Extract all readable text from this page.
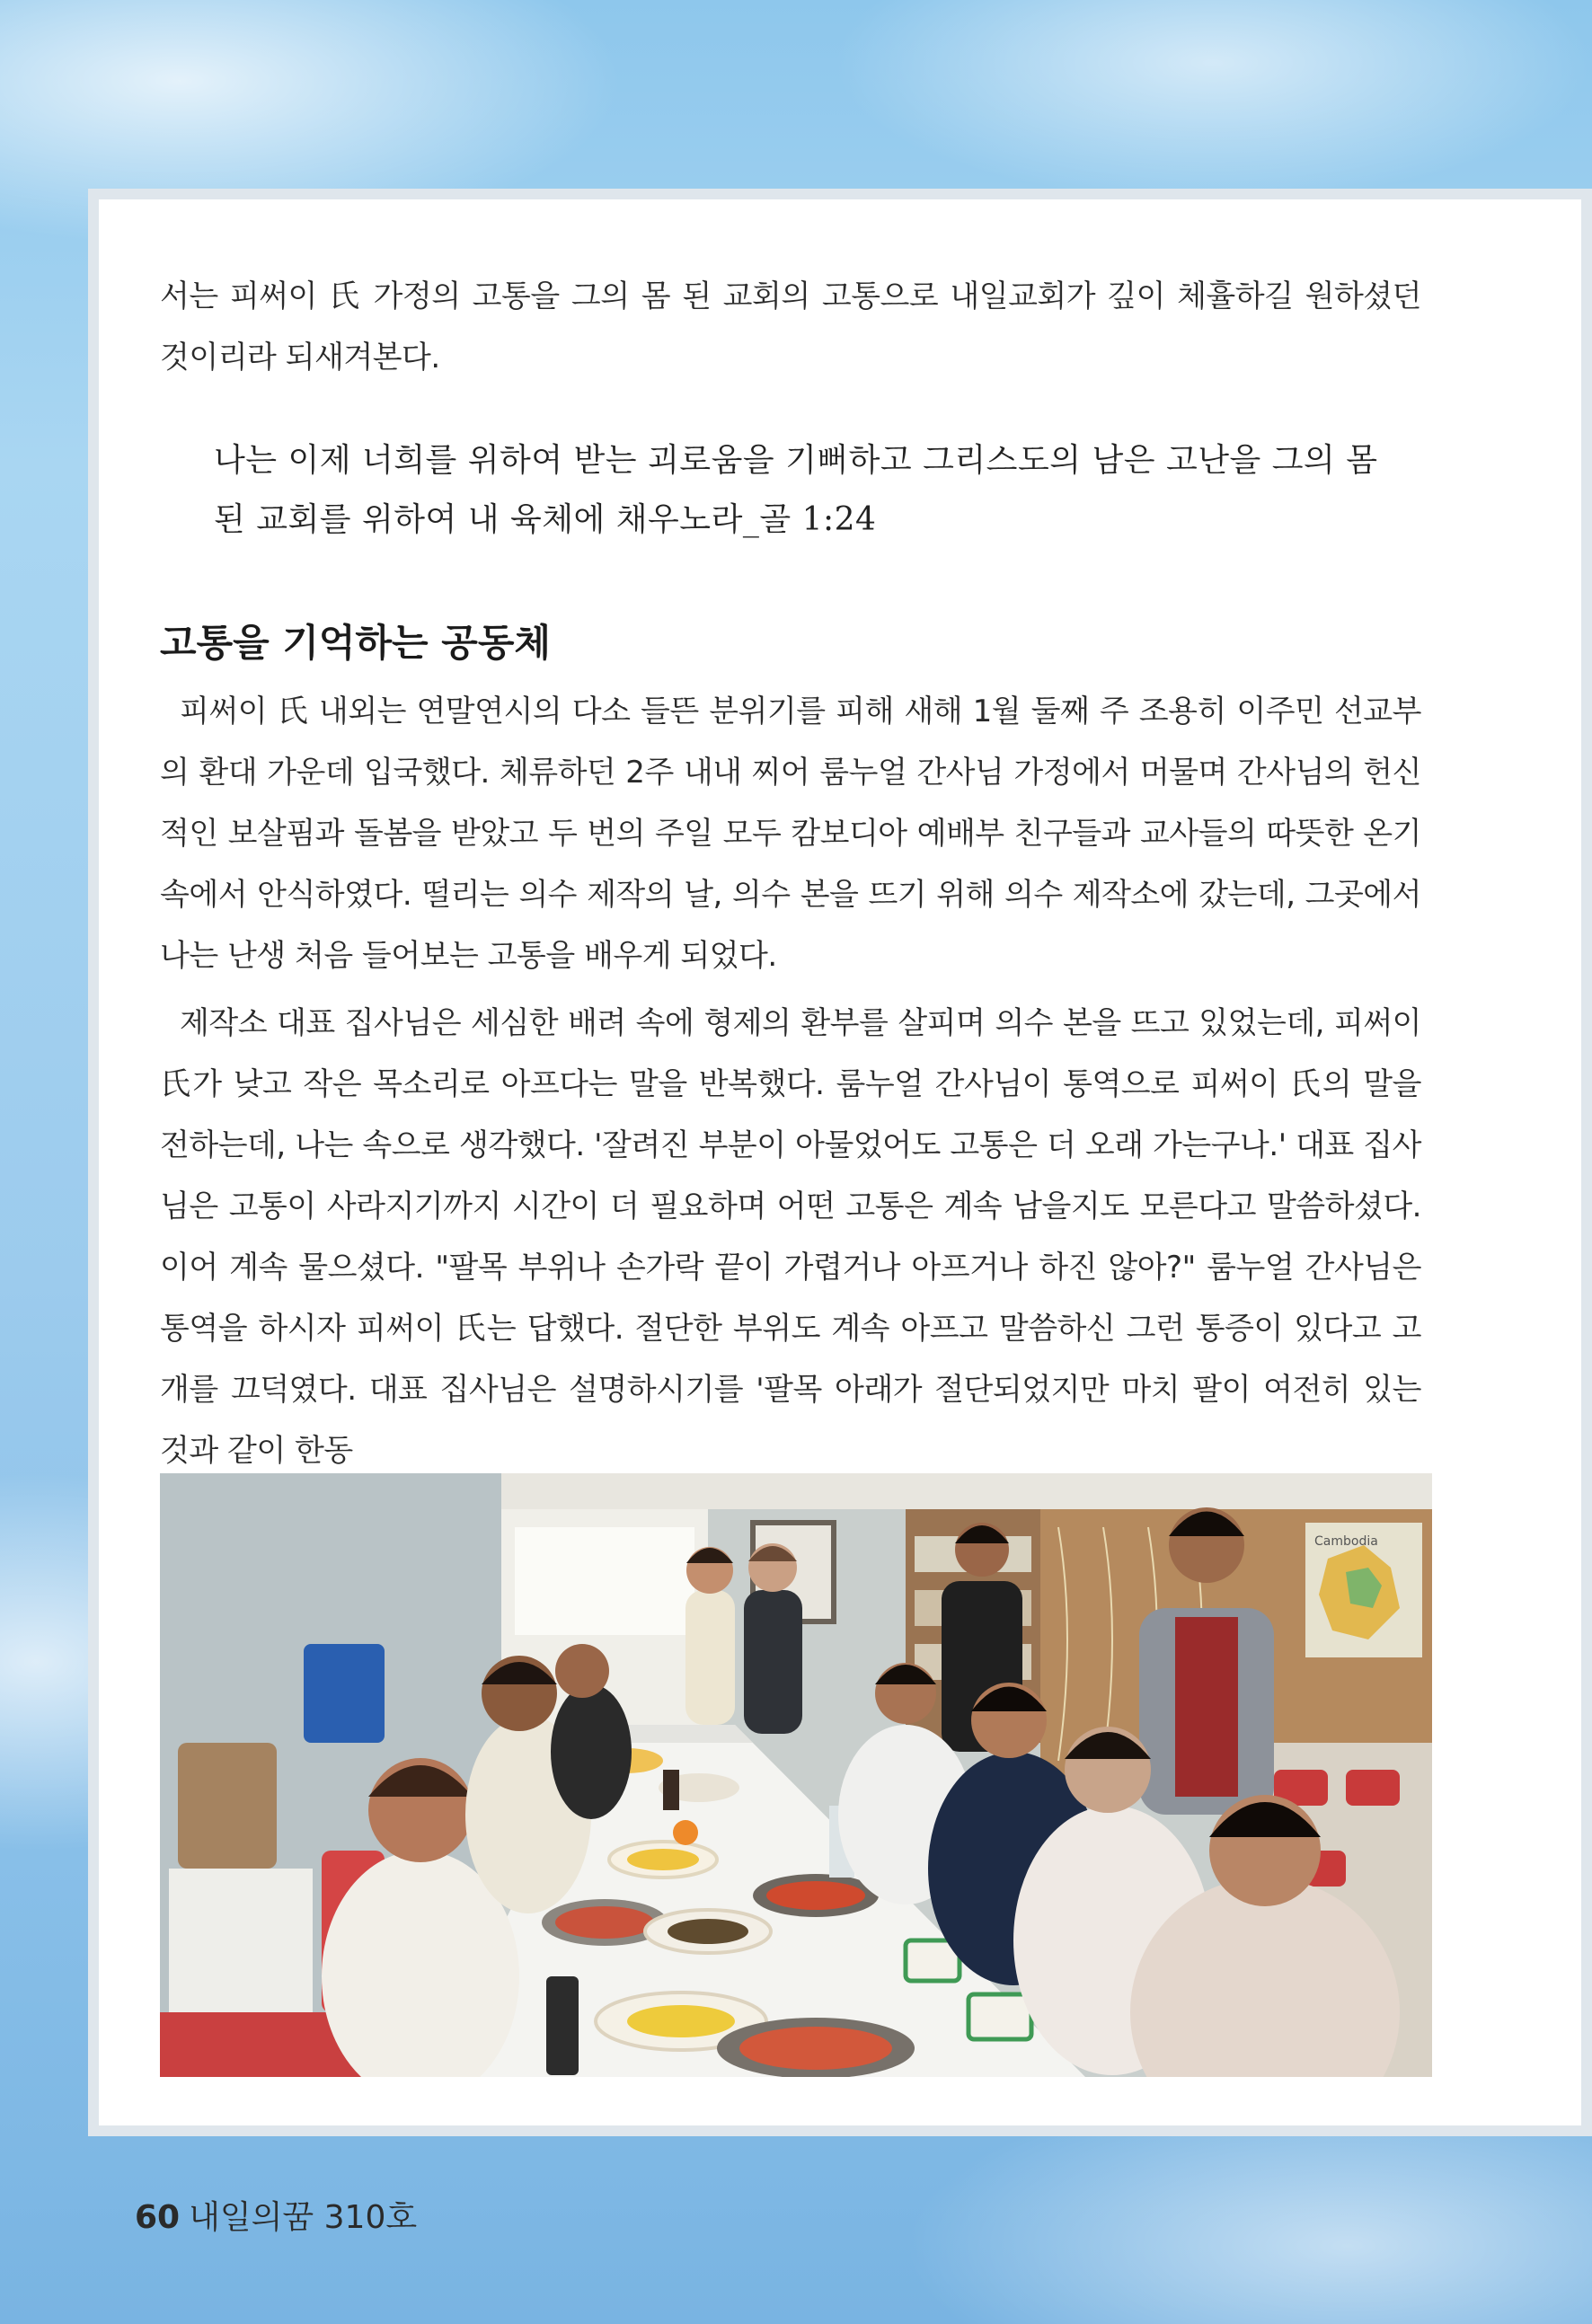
서는 피써이 氏 가정의 고통을 그의 몸 된 교회의 고통으로 내일교회가 깊이 체휼하길 원하셨던 것이리라 되새겨본다.

나는 이제 너희를 위하여 받는 괴로움을 기뻐하고 그리스도의 남은 고난을 그의 몸된 교회를 위하여 내 육체에 채우노라_골 1:24

고통을 기억하는 공동체

피써이 氏 내외는 연말연시의 다소 들뜬 분위기를 피해 새해 1월 둘째 주 조용히 이주민 선교부의 환대 가운데 입국했다. 체류하던 2주 내내 찌어 룸누얼 간사님 가정에서 머물며 간사님의 헌신적인 보살핌과 돌봄을 받았고 두 번의 주일 모두 캄보디아 예배부 친구들과 교사들의 따뜻한 온기 속에서 안식하였다. 떨리는 의수 제작의 날, 의수 본을 뜨기 위해 의수 제작소에 갔는데, 그곳에서 나는 난생 처음 들어보는 고통을 배우게 되었다.

제작소 대표 집사님은 세심한 배려 속에 형제의 환부를 살피며 의수 본을 뜨고 있었는데, 피써이 氏가 낮고 작은 목소리로 아프다는 말을 반복했다. 룸누얼 간사님이 통역으로 피써이 氏의 말을 전하는데, 나는 속으로 생각했다. '잘려진 부분이 아물었어도 고통은 더 오래 가는구나.' 대표 집사님은 고통이 사라지기까지 시간이 더 필요하며 어떤 고통은 계속 남을지도 모른다고 말씀하셨다. 이어 계속 물으셨다. "팔목 부위나 손가락 끝이 가렵거나 아프거나 하진 않아?" 룸누얼 간사님은 통역을 하시자 피써이 氏는 답했다. 절단한 부위도 계속 아프고 말씀하신 그런 통증이 있다고 고개를 끄덕였다. 대표 집사님은 설명하시기를 '팔목 아래가 절단되었지만 마치 팔이 여전히 있는 것과 같이 한동

Cambodia
60 내일의꿈 310호
